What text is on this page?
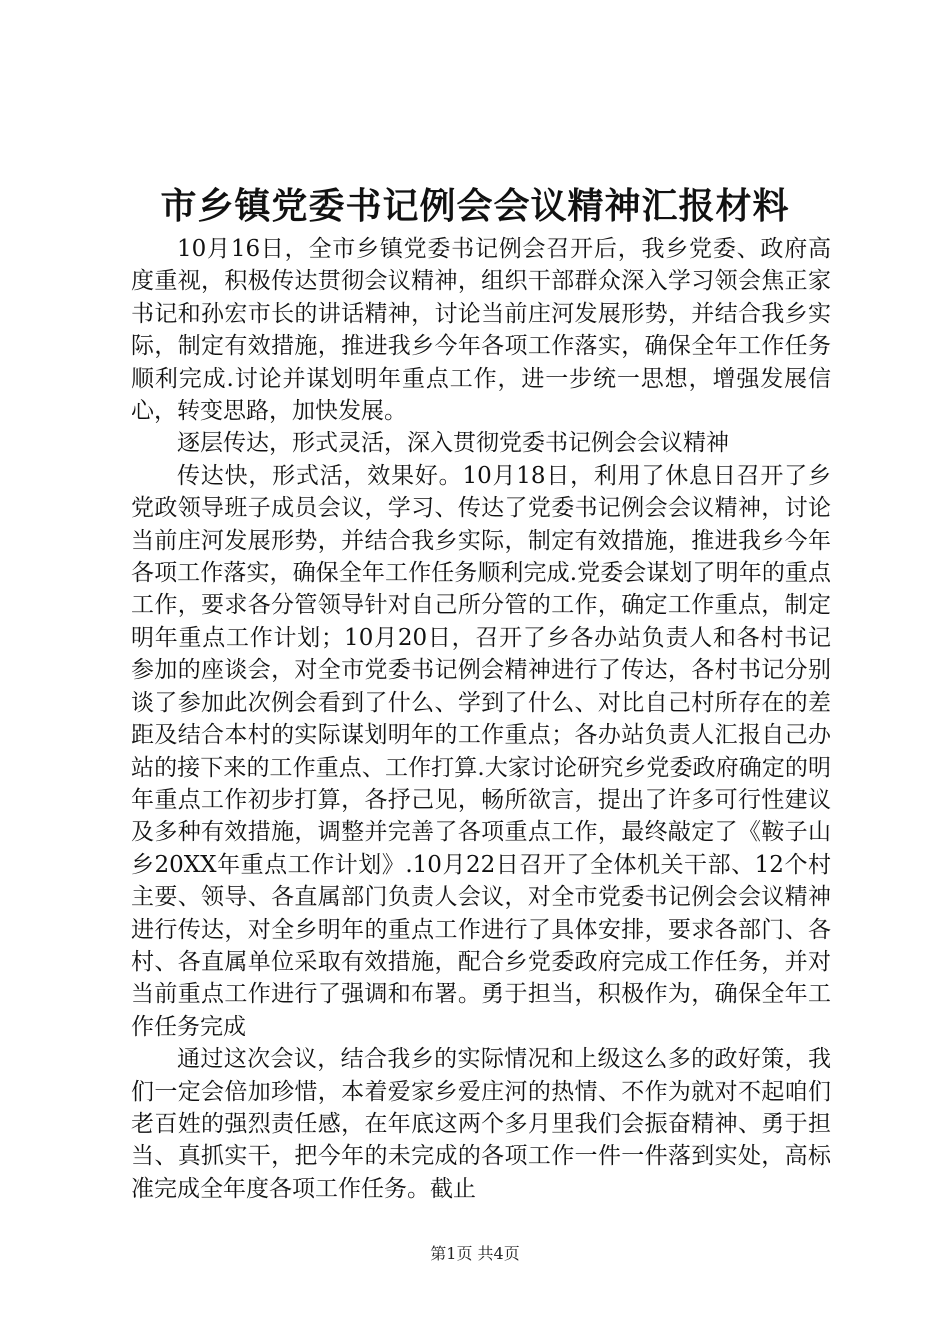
市乡镇党委书记例会会议精神汇报材料

10月16日，全市乡镇党委书记例会召开后，我乡党委、政府高度重视，积极传达贯彻会议精神，组织干部群众深入学习领会焦正家书记和孙宏市长的讲话精神，讨论当前庄河发展形势，并结合我乡实际，制定有效措施，推进我乡今年各项工作落实，确保全年工作任务顺利完成.讨论并谋划明年重点工作，进一步统一思想，增强发展信心，转变思路，加快发展。

逐层传达，形式灵活，深入贯彻党委书记例会会议精神

传达快，形式活，效果好。10月18日，利用了休息日召开了乡党政领导班子成员会议，学习、传达了党委书记例会会议精神，讨论当前庄河发展形势，并结合我乡实际，制定有效措施，推进我乡今年各项工作落实，确保全年工作任务顺利完成.党委会谋划了明年的重点工作，要求各分管领导针对自己所分管的工作，确定工作重点，制定明年重点工作计划；10月20日，召开了乡各办站负责人和各村书记参加的座谈会，对全市党委书记例会精神进行了传达，各村书记分别谈了参加此次例会看到了什么、学到了什么、对比自己村所存在的差距及结合本村的实际谋划明年的工作重点；各办站负责人汇报自己办站的接下来的工作重点、工作打算.大家讨论研究乡党委政府确定的明年重点工作初步打算，各抒己见，畅所欲言，提出了许多可行性建议及多种有效措施，调整并完善了各项重点工作，最终敲定了《鞍子山乡20XX年重点工作计划》.10月22日召开了全体机关干部、12个村主要、领导、各直属部门负责人会议，对全市党委书记例会会议精神进行传达，对全乡明年的重点工作进行了具体安排，要求各部门、各村、各直属单位采取有效措施，配合乡党委政府完成工作任务，并对当前重点工作进行了强调和布署。勇于担当，积极作为，确保全年工作任务完成

通过这次会议，结合我乡的实际情况和上级这么多的政好策，我们一定会倍加珍惜，本着爱家乡爱庄河的热情、不作为就对不起咱们老百姓的强烈责任感，在年底这两个多月里我们会振奋精神、勇于担当、真抓实干，把今年的未完成的各项工作一件一件落到实处，高标准完成全年度各项工作任务。截止

第1页 共4页
